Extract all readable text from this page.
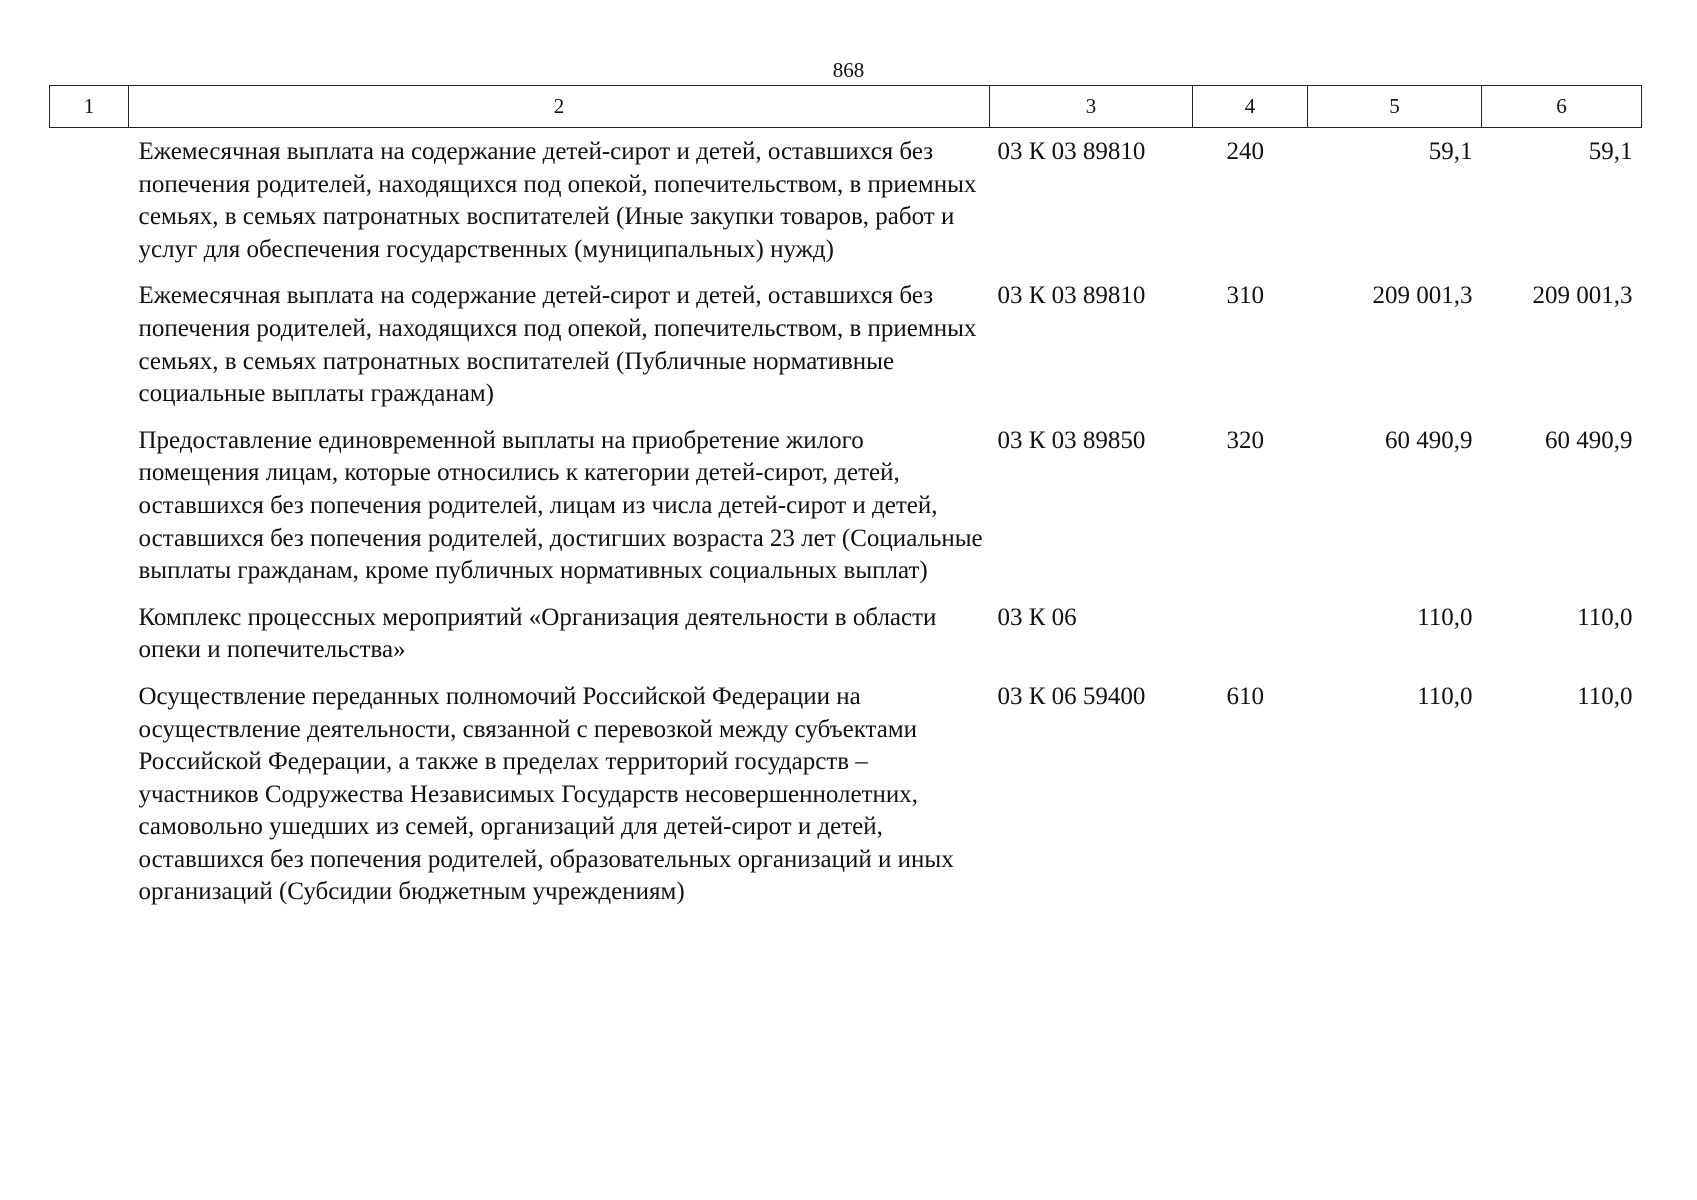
868
1	2	3	4	5	6
	Ежемесячная выплата на содержание детей-сирот и детей, оставшихся без попечения родителей, находящихся под опекой, попечительством, в приемных семьях, в семьях патронатных воспитателей (Иные закупки товаров, работ и услуг для обеспечения государственных (муниципальных) нужд)	03 К 03 89810	240	59,1	59,1
	Ежемесячная выплата на содержание детей-сирот и детей, оставшихся без попечения родителей, находящихся под опекой, попечительством, в приемных семьях, в семьях патронатных воспитателей (Публичные нормативные социальные выплаты гражданам)	03 К 03 89810	310	209 001,3	209 001,3
	Предоставление единовременной выплаты на приобретение жилого помещения лицам, которые относились к категории детей-сирот, детей, оставшихся без попечения родителей, лицам из числа детей-сирот и детей, оставшихся без попечения родителей, достигших возраста 23 лет (Социальные выплаты гражданам, кроме публичных нормативных социальных выплат)	03 К 03 89850	320	60 490,9	60 490,9
	Комплекс процессных мероприятий «Организация деятельности в области опеки и попечительства»	03 К 06		110,0	110,0
	Осуществление переданных полномочий Российской Федерации на осуществление деятельности, связанной с перевозкой между субъектами Российской Федерации, а также в пределах территорий государств – участников Содружества Независимых Государств несовершеннолетних, самовольно ушедших из семей, организаций для детей-сирот и детей, оставшихся без попечения родителей, образовательных организаций и иных организаций (Субсидии бюджетным учреждениям)	03 К 06 59400	610	110,0	110,0
